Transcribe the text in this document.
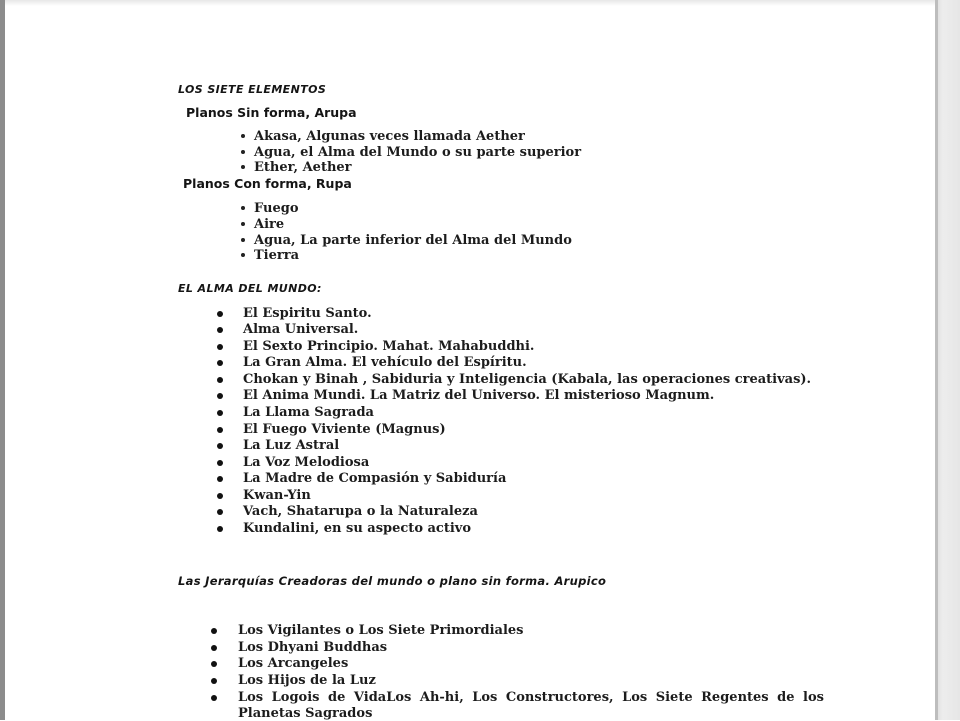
LOS SIETE ELEMENTOS
Planos Sin forma, Arupa
Akasa, Algunas veces llamada Aether
Agua, el Alma del Mundo o su parte superior
Ether, Aether
Planos Con forma, Rupa
Fuego
Aire
Agua, La parte inferior del Alma del Mundo
Tierra
EL ALMA DEL MUNDO:
El Espiritu Santo.
Alma Universal.
El Sexto Principio. Mahat. Mahabuddhi.
La Gran Alma. El vehículo del Espíritu.
Chokan y Binah , Sabiduria y Inteligencia (Kabala, las operaciones creativas).
El Anima Mundi. La Matriz del Universo. El misterioso Magnum.
La Llama Sagrada
El Fuego Viviente (Magnus)
La Luz Astral
La Voz Melodiosa
La Madre de Compasión y Sabiduría
Kwan-Yin
Vach, Shatarupa o la Naturaleza
Kundalini, en su aspecto activo
Las Jerarquías Creadoras del mundo o plano sin forma. Arupico
Los Vigilantes o Los Siete Primordiales
Los Dhyani Buddhas
Los Arcangeles
Los Hijos de la Luz
Los Logois de VidaLos Ah-hi, Los Constructores, Los Siete Regentes de los
Planetas Sagrados
